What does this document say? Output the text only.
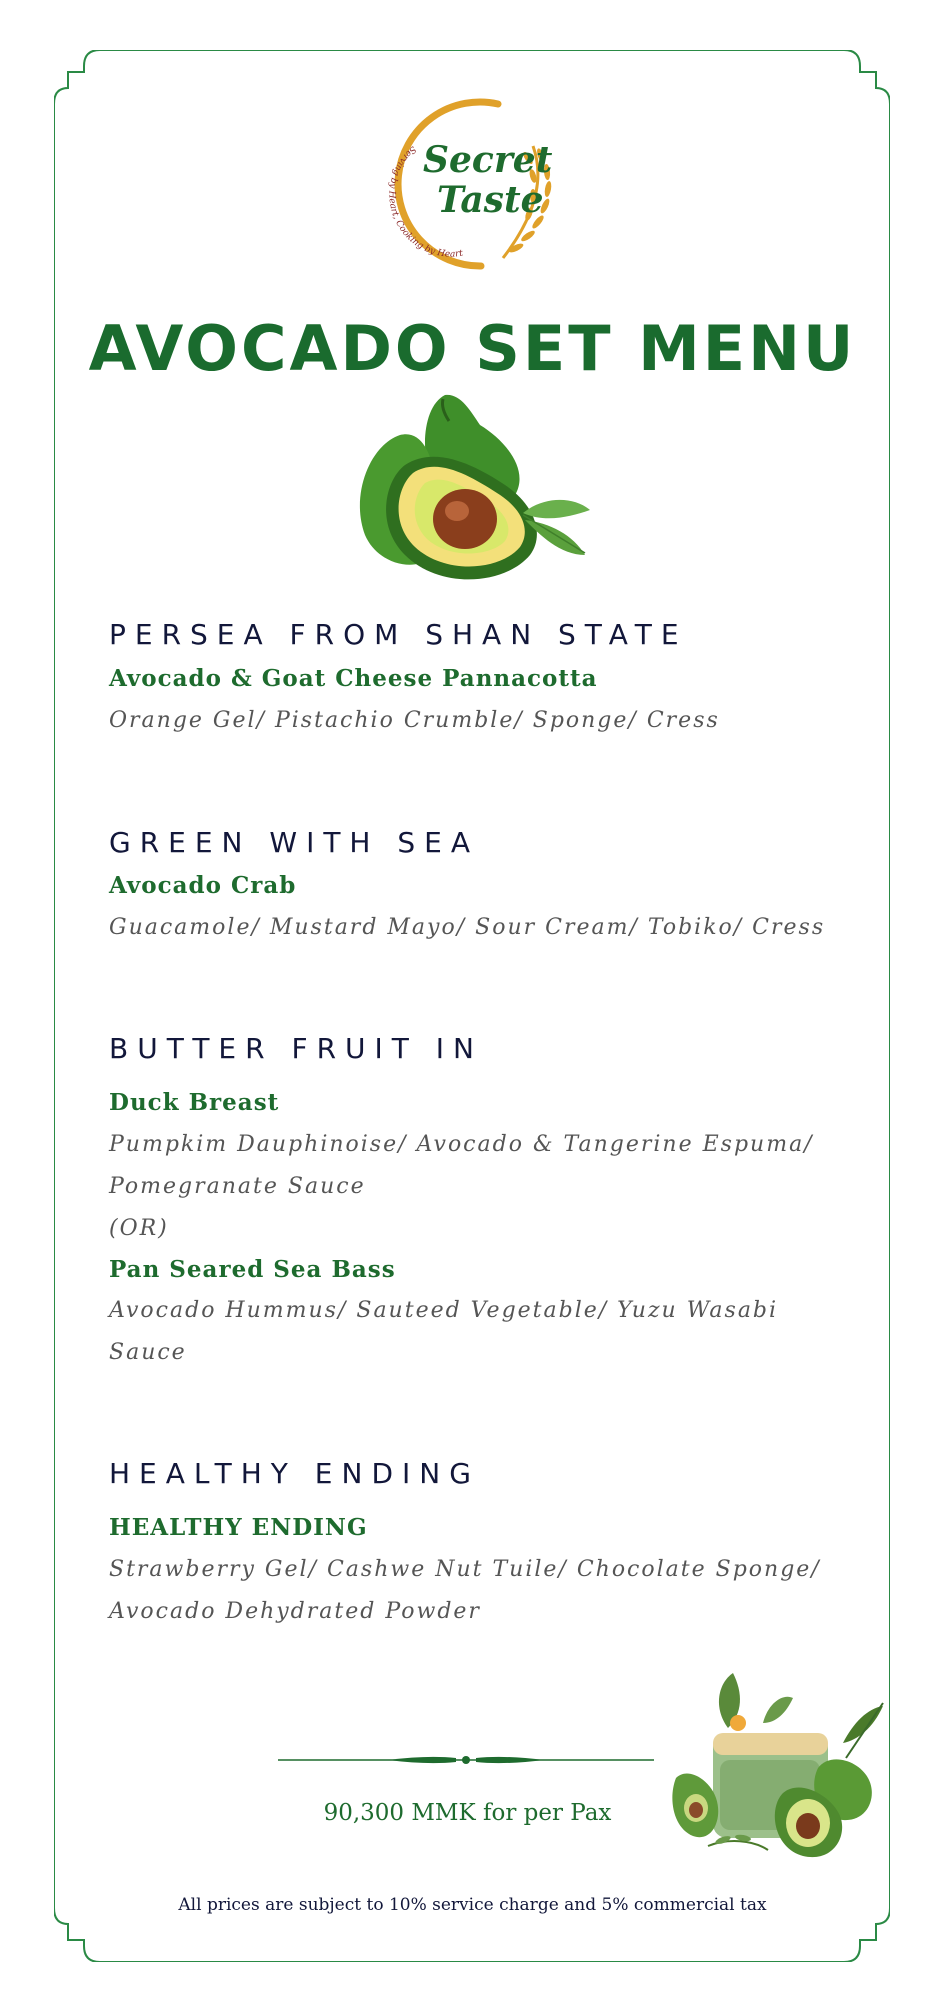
Secret
Taste
Serving by Heart, Cooking by Heart
AVOCADO SET MENU
PERSEA FROM SHAN STATE

Avocado & Goat Cheese Pannacotta

Orange Gel/ Pistachio Crumble/ Sponge/ Cress

GREEN WITH SEA

Avocado Crab

Guacamole/ Mustard Mayo/ Sour Cream/ Tobiko/ Cress

BUTTER FRUIT IN

Duck Breast

Pumpkim Dauphinoise/ Avocado & Tangerine Espuma/ Pomegranate Sauce

(OR)

Pan Seared Sea Bass

Avocado Hummus/ Sauteed Vegetable/ Yuzu Wasabi Sauce

HEALTHY ENDING

HEALTHY ENDING

Strawberry Gel/ Cashwe Nut Tuile/ Chocolate Sponge/ Avocado Dehydrated Powder

90,300 MMK for per Pax

All prices are subject to 10% service charge and 5% commercial tax
